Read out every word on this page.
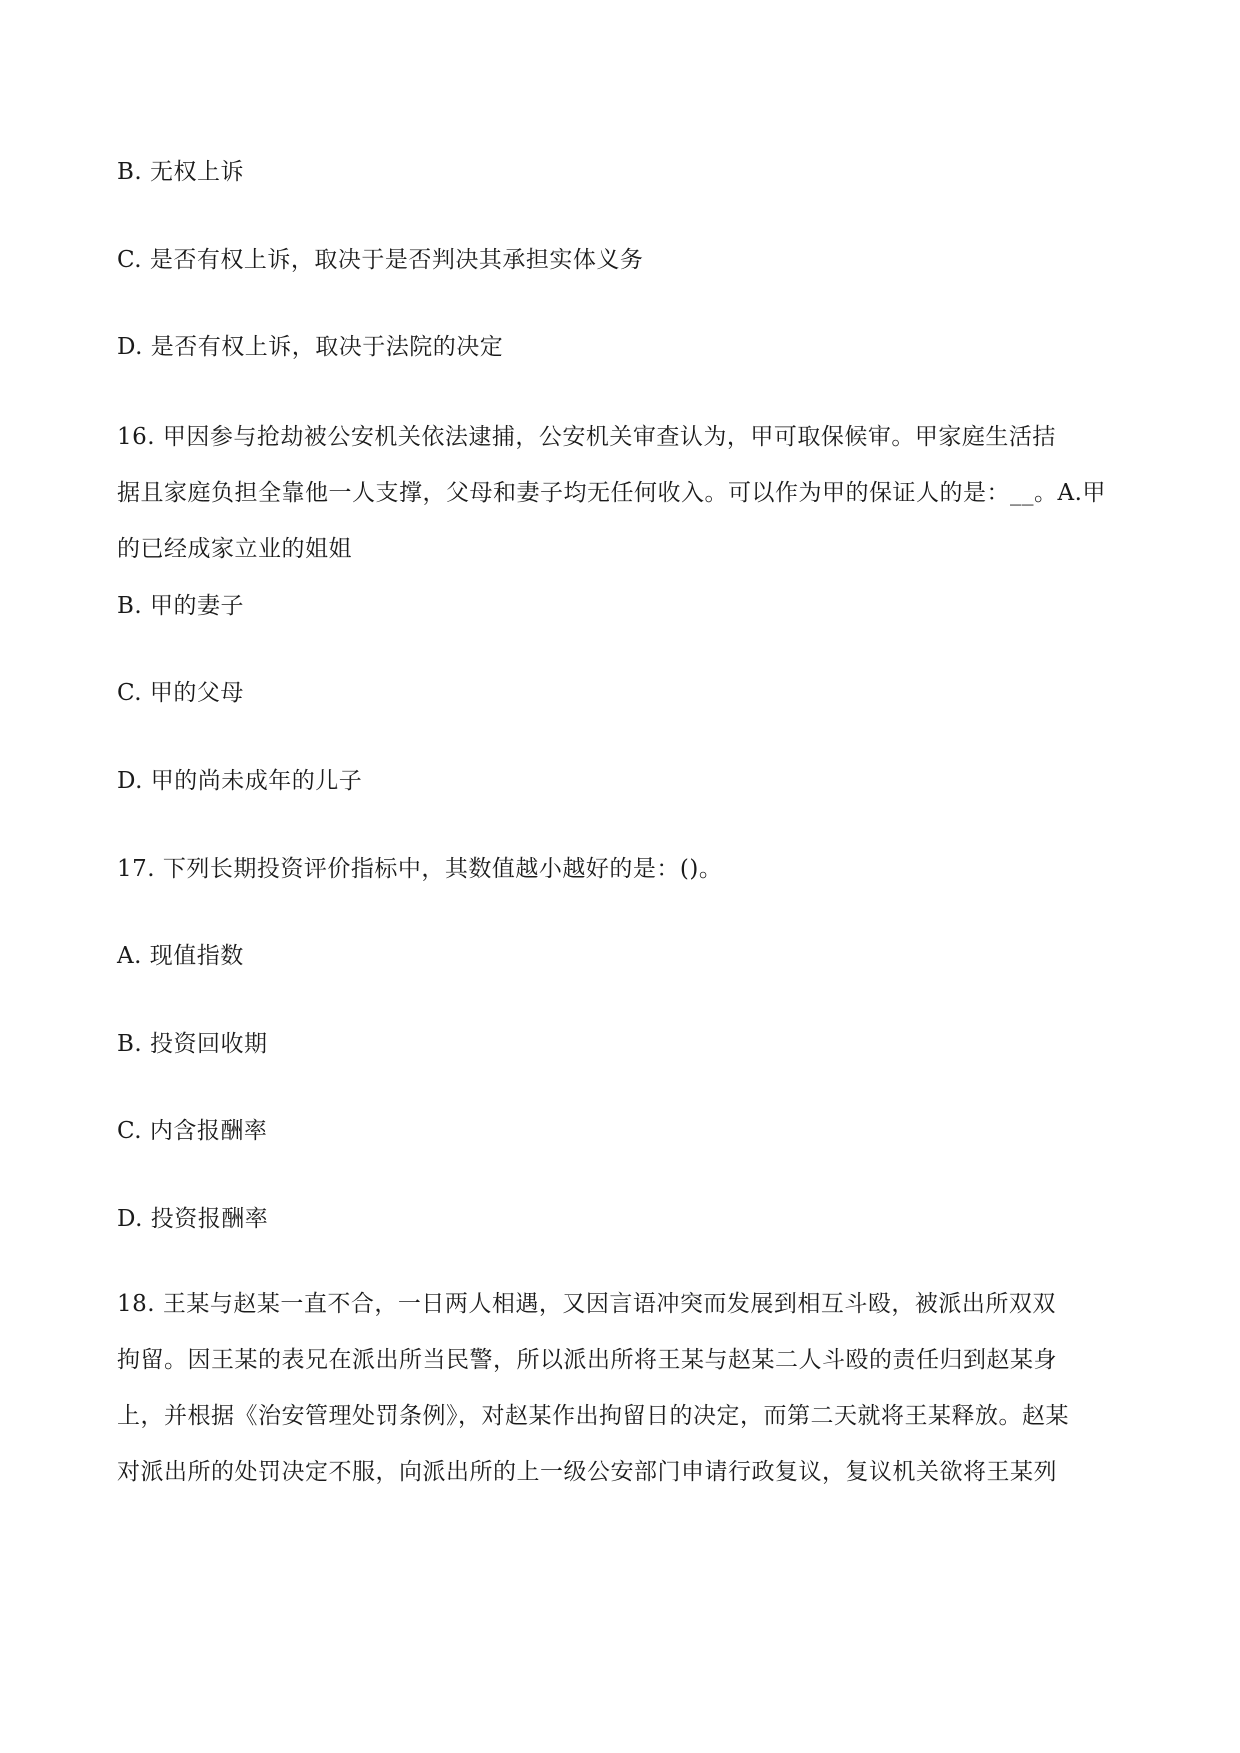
B. 无权上诉
C. 是否有权上诉，取决于是否判决其承担实体义务
D. 是否有权上诉，取决于法院的决定
16. 甲因参与抢劫被公安机关依法逮捕，公安机关审查认为，甲可取保候审。甲家庭生活拮
据且家庭负担全靠他一人支撑，父母和妻子均无任何收入。可以作为甲的保证人的是：__。A.甲
的已经成家立业的姐姐
B. 甲的妻子
C. 甲的父母
D. 甲的尚未成年的儿子
17. 下列长期投资评价指标中，其数值越小越好的是：()。
A. 现值指数
B. 投资回收期
C. 内含报酬率
D. 投资报酬率
18. 王某与赵某一直不合，一日两人相遇，又因言语冲突而发展到相互斗殴，被派出所双双
拘留。因王某的表兄在派出所当民警，所以派出所将王某与赵某二人斗殴的责任归到赵某身
上，并根据《治安管理处罚条例》，对赵某作出拘留日的决定，而第二天就将王某释放。赵某
对派出所的处罚决定不服，向派出所的上一级公安部门申请行政复议，复议机关欲将王某列
